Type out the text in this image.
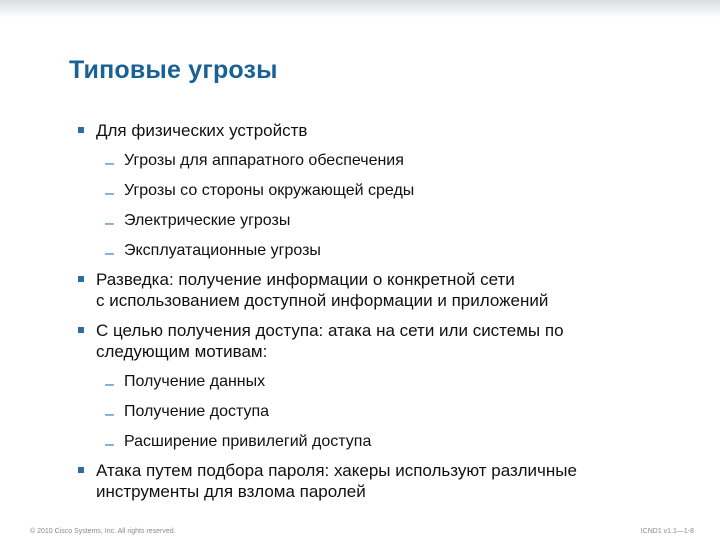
Типовые угрозы
Для физических устройств
– Угрозы для аппаратного обеспечения
– Угрозы со стороны окружающей среды
– Электрические угрозы
– Эксплуатационные угрозы
Разведка: получение информации о конкретной сети
с использованием доступной информации и приложений
С целью получения доступа: атака на сети или системы по
следующим мотивам:
– Получение данных
– Получение доступа
– Расширение привилегий доступа
Атака путем подбора пароля: хакеры используют различные
инструменты для взлома паролей
© 2010 Cisco Systems, Inc. All rights reserved.	ICND1 v1.1—1-8
